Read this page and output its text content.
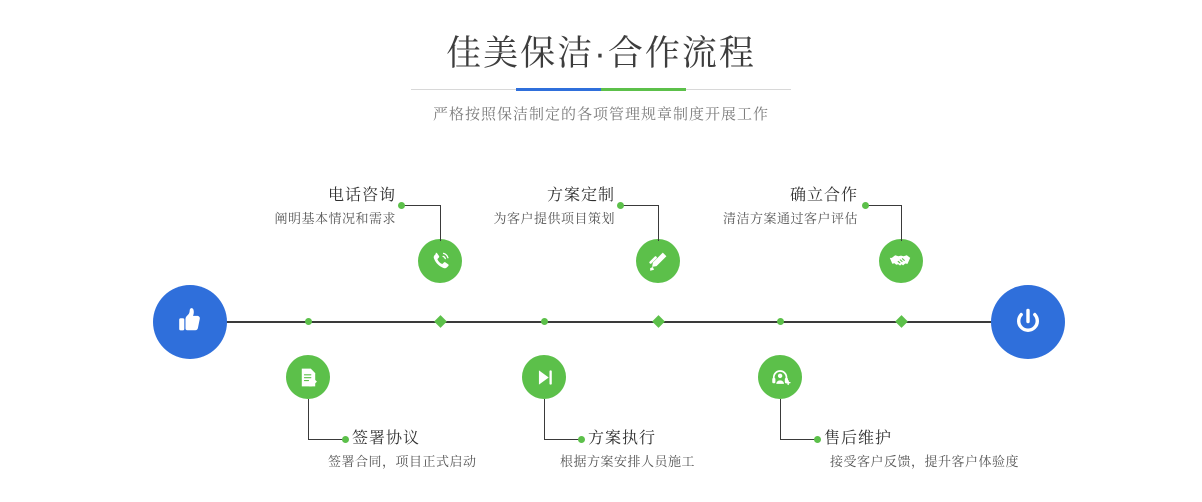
佳美保洁·合作流程

严格按照保洁制定的各项管理规章制度开展工作

电话咨询
阐明基本情况和需求
方案定制
为客户提供项目策划
确立合作
清洁方案通过客户评估
签署协议
签署合同，项目正式启动
方案执行
根据方案安排人员施工
售后维护
接受客户反馈，提升客户体验度
